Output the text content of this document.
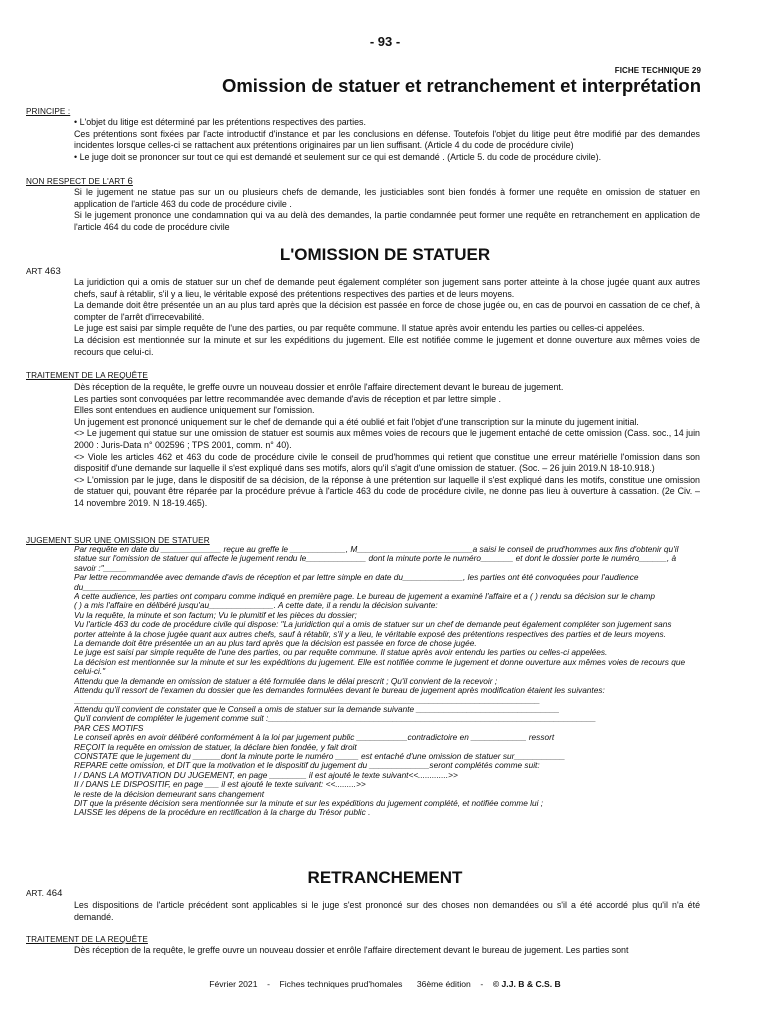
- 93 -
FICHE TECHNIQUE 29
Omission de statuer et retranchement et interprétation
PRINCIPE :
• L'objet du litige est déterminé par les prétentions respectives des parties.
Ces prétentions sont fixées par l'acte introductif d'instance et par les conclusions en défense. Toutefois l'objet du litige peut être modifié par des demandes incidentes lorsque celles-ci se rattachent aux prétentions originaires par un lien suffisant. (Article 4 du code de procédure civile)
• Le juge doit se prononcer sur tout ce qui est demandé et seulement sur ce qui est demandé . (Article 5. du code de procédure civile).
NON RESPECT DE L'ART 6
Si le jugement ne statue pas sur un ou plusieurs chefs de demande, les justiciables sont bien fondés à former une requête en omission de statuer en application de l'article 463 du code de procédure civile .
Si le jugement prononce une condamnation qui va au delà des demandes, la partie condamnée peut former une requête en retranchement en application de l'article 464 du code de procédure civile
L'OMISSION DE STATUER
ART 463
La juridiction qui a omis de statuer sur un chef de demande peut également compléter son jugement sans porter atteinte à la chose jugée quant aux autres chefs, sauf à rétablir, s'il y a lieu, le véritable exposé des prétentions respectives des parties et de leurs moyens.
La demande doit être présentée un an au plus tard après que la décision est passée en force de chose jugée ou, en cas de pourvoi en cassation de ce chef, à compter de l'arrêt d'irrecevabilité.
Le juge est saisi par simple requête de l'une des parties, ou par requête commune. Il statue après avoir entendu les parties ou celles-ci appelées.
La décision est mentionnée sur la minute et sur les expéditions du jugement. Elle est notifiée comme le jugement et donne ouverture aux mêmes voies de recours que celui-ci.
TRAITEMENT DE LA REQUÊTE
Dès réception de la requête, le greffe ouvre un nouveau dossier et enrôle l'affaire directement devant le bureau de jugement.
Les parties sont convoquées par lettre recommandée avec demande d'avis de réception et par lettre simple .
Elles sont entendues en audience uniquement sur l'omission.
Un jugement est prononcé uniquement sur le chef de demande qui a été oublié et fait l'objet d'une transcription sur la minute du jugement initial.
<> Le jugement qui statue sur une omission de statuer est soumis aux mêmes voies de recours que le jugement entaché de cette omission (Cass. soc., 14 juin 2000 : Juris-Data n° 002596 ; TPS 2001, comm. n° 40).
<> Viole les articles 462 et 463 du code de procédure civile le conseil de prud'hommes qui retient que constitue une erreur matérielle l'omission dans son dispositif d'une demande sur laquelle il s'est expliqué dans ses motifs, alors qu'il s'agit d'une omission de statuer. (Soc. – 26 juin 2019.N 18-10.918.)
<> L'omission par le juge, dans le dispositif de sa décision, de la réponse à une prétention sur laquelle il s'est expliqué dans les motifs, constitue une omission de statuer qui, pouvant être réparée par la procédure prévue à l'article 463 du code de procédure civile, ne donne pas lieu à ouverture à cassation. (2e Civ. – 14 novembre 2019. N 18-19.465).
JUGEMENT SUR UNE OMISSION DE STATUER
Par requête en date du _____________ reçue au greffe le ____________, M_________________________a saisi le conseil de prud'hommes aux fins d'obtenir qu'il
statue sur l'omission de statuer qui affecte le jugement rendu le_____________ dont la minute porte le numéro_______ et dont le dossier porte le numéro______, à
savoir :"_____
Par lettre recommandée avec demande d'avis de réception et par lettre simple en date du_____________, les parties ont été convoquées pour l'audience
du_______________
A cette audience, les parties ont comparu comme indiqué en première page. Le bureau de jugement a examiné l'affaire et a ( ) rendu sa décision sur le champ
( ) a mis l'affaire en délibéré jusqu'au______________. A cette date, il a rendu la décision suivante:
Vu la requête, la minute et son factum; Vu le plumitif et les pièces du dossier;
Vu l'article 463 du code de procédure civile qui dispose: "La juridiction qui a omis de statuer sur un chef de demande peut également compléter son jugement sans
porter atteinte à la chose jugée quant aux autres chefs, sauf à rétablir, s'il y a lieu, le véritable exposé des prétentions respectives des parties et de leurs moyens.
La demande doit être présentée un an au plus tard après que la décision est passée en force de chose jugée.
Le juge est saisi par simple requête de l'une des parties, ou par requête commune. Il statue après avoir entendu les parties ou celles-ci appelées.
La décision est mentionnée sur la minute et sur les expéditions du jugement. Elle est notifiée comme le jugement et donne ouverture aux mêmes voies de recours que
celui-ci."
Attendu que la demande en omission de statuer a été formulée dans le délai prescrit ; Qu'il convient de la recevoir ;
Attendu qu'il ressort de l'examen du dossier que les demandes formulées devant le bureau de jugement après modification étaient les suivantes:
_____________________________________________________________________________________________________
Attendu qu'il convient de constater que le Conseil a omis de statuer sur la demande suivante _______________________________
Qu'il convient de compléter le jugement comme suit :_______________________________________________________________________
PAR CES MOTIFS
Le conseil après en avoir délibéré conformément à la loi par jugement public ___________contradictoire en ____________ ressort
REÇOIT la requête en omission de statuer, la déclare bien fondée, y fait droit
CONSTATE que le jugement du ______dont la minute porte le numéro _____ est entaché d'une omission de statuer sur___________
REPARE cette omission, et DIT que la motivation et le dispositif du jugement du _____________seront complétés comme suit:
I / DANS LA MOTIVATION DU JUGEMENT, en page ________ il est ajouté le texte suivant<<.............>>
II / DANS LE DISPOSITIF, en page ___ il est ajouté le texte suivant: <<.........>>
le reste de la décision demeurant sans changement
DIT que la présente décision sera mentionnée sur la minute et sur les expéditions du jugement complété, et notifiée comme lui ;
LAISSE les dépens de la procédure en rectification à la charge du Trésor public .
RETRANCHEMENT
ART. 464
Les dispositions de l'article précédent sont applicables si le juge s'est prononcé sur des choses non demandées ou s'il a été accordé plus qu'il n'a été demandé.
TRAITEMENT DE LA REQUÊTE
Dès réception de la requête, le greffe ouvre un nouveau dossier et enrôle l'affaire directement devant le bureau de jugement. Les parties sont
Février 2021 - Fiches techniques prud'homales 36ème édition - © J.J. B & C.S. B
